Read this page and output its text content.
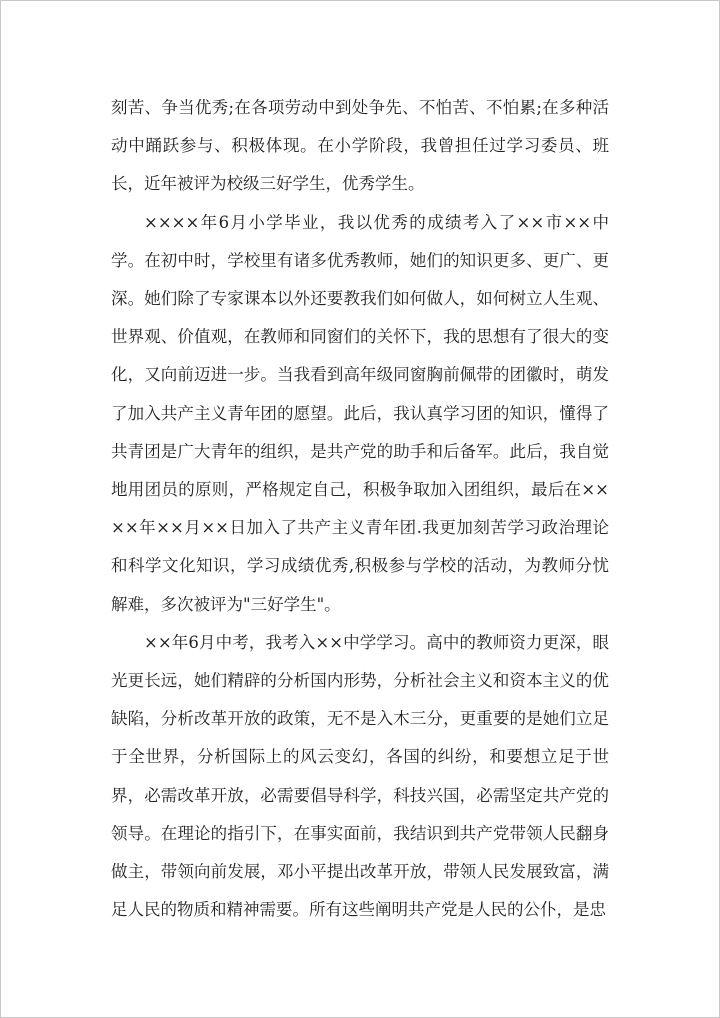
刻苦、争当优秀;在各项劳动中到处争先、不怕苦、不怕累;在多种活动中踊跃参与、积极体现。在小学阶段，我曾担任过学习委员、班长，近年被评为校级三好学生，优秀学生。

××××年6月小学毕业，我以优秀的成绩考入了××市××中学。在初中时，学校里有诸多优秀教师，她们的知识更多、更广、更深。她们除了专家课本以外还要教我们如何做人，如何树立人生观、世界观、价值观，在教师和同窗们的关怀下，我的思想有了很大的变化，又向前迈进一步。当我看到高年级同窗胸前佩带的团徽时，萌发了加入共产主义青年团的愿望。此后，我认真学习团的知识，懂得了共青团是广大青年的组织，是共产党的助手和后备军。此后，我自觉地用团员的原则，严格规定自己，积极争取加入团组织，最后在××××年××月××日加入了共产主义青年团.我更加刻苦学习政治理论和科学文化知识，学习成绩优秀,积极参与学校的活动，为教师分忧解难，多次被评为"三好学生"。

××年6月中考，我考入××中学学习。高中的教师资力更深，眼光更长远，她们精辟的分析国内形势，分析社会主义和资本主义的优缺陷，分析改革开放的政策，无不是入木三分，更重要的是她们立足于全世界，分析国际上的风云变幻，各国的纠纷，和要想立足于世界，必需改革开放，必需要倡导科学，科技兴国，必需坚定共产党的领导。在理论的指引下，在事实面前，我结识到共产党带领人民翻身做主，带领向前发展，邓小平提出改革开放，带领人民发展致富，满足人民的物质和精神需要。所有这些阐明共产党是人民的公仆，是忠
